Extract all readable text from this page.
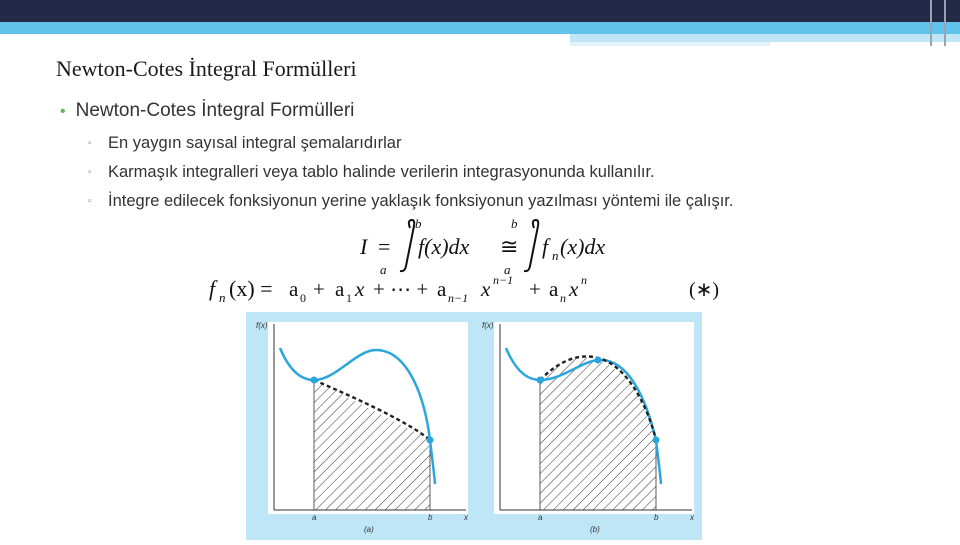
Newton-Cotes İntegral Formülleri
• Newton-Cotes İntegral Formülleri
▫ En yaygın sayısal integral şemalarıdırlar
▫ Karmaşık integralleri veya tablo halinde verilerin integrasyonunda kullanılır.
▫ İntegre edilecek fonksiyonun yerine yaklaşık fonksiyonun yazılması yöntemi ile çalışır.
I =
b
a
f(x)dx ≅
b
a
f n (x)dx
f n (x) = a 0 + a 1 x + ⋯ + a n−1 x n−1 + a n x n	(∗)
f(x)
a	b	x
(a)
f(x)
a	b	x
(b)
